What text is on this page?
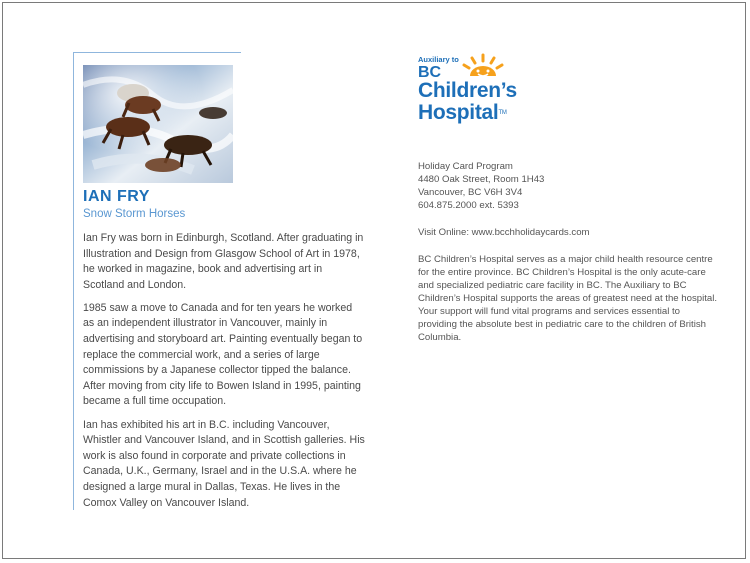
IAN FRY
Snow Storm Horses

Ian Fry was born in Edinburgh, Scotland. After graduating in Illustration and Design from Glasgow School of Art in 1978, he worked in magazine, book and advertising art in Scotland and London.

1985 saw a move to Canada and for ten years he worked as an independent illustrator in Vancouver, mainly in advertising and storyboard art. Painting eventually began to replace the commercial work, and a series of large commissions by a Japanese collector tipped the balance. After moving from city life to Bowen Island in 1995, painting became a full time occupation.

Ian has exhibited his art in B.C. including Vancouver, Whistler and Vancouver Island, and in Scottish galleries. His work is also found in corporate and private collections in Canada, U.K., Germany, Israel and in the U.S.A. where he designed a large mural in Dallas, Texas. He lives in the Comox Valley on Vancouver Island.

Auxiliary to
BC
Children’s
Hospital™
Holiday Card Program
4480 Oak Street, Room 1H43
Vancouver, BC V6H 3V4
604.875.2000 ext. 5393
Visit Online: www.bcchholidaycards.com
BC Children’s Hospital serves as a major child health resource centre for the entire province. BC Children’s Hospital is the only acute-care and specialized pediatric care facility in BC. The Auxiliary to BC Children’s Hospital supports the areas of greatest need at the hospital. Your support will fund vital programs and services essential to providing the absolute best in pediatric care to the children of British Columbia.
